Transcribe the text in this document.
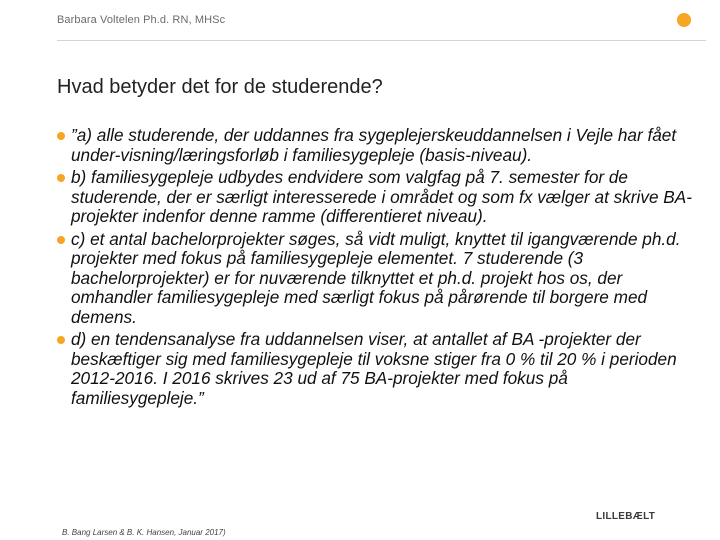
Barbara Voltelen Ph.d. RN, MHSc
Hvad betyder det for de studerende?
”a) alle studerende, der uddannes fra sygeplejerskeuddannelsen i Vejle har fået under-visning/læringsforløb i familiesygepleje (basis-niveau).
b) familiesygepleje udbydes endvidere som valgfag på 7. semester for de studerende, der er særligt interesserede i området og som fx vælger at skrive BA-projekter indenfor denne ramme (differentieret niveau).
c) et antal bachelorprojekter søges, så vidt muligt, knyttet til igangværende ph.d. projekter med fokus på familiesygepleje elementet. 7 studerende (3 bachelorprojekter) er for nuværende tilknyttet et ph.d. projekt hos os, der omhandler familiesygepleje med særligt fokus på pårørende til borgere med demens.
d) en tendensanalyse fra uddannelsen viser, at antallet af BA -projekter der beskæftiger sig med familiesygepleje til voksne stiger fra 0 % til 20 % i perioden 2012-2016. I 2016 skrives 23 ud af 75 BA-projekter med fokus på familiesygepleje.”
LILLEBÆLT
B. Bang Larsen & B. K. Hansen, Januar 2017)
